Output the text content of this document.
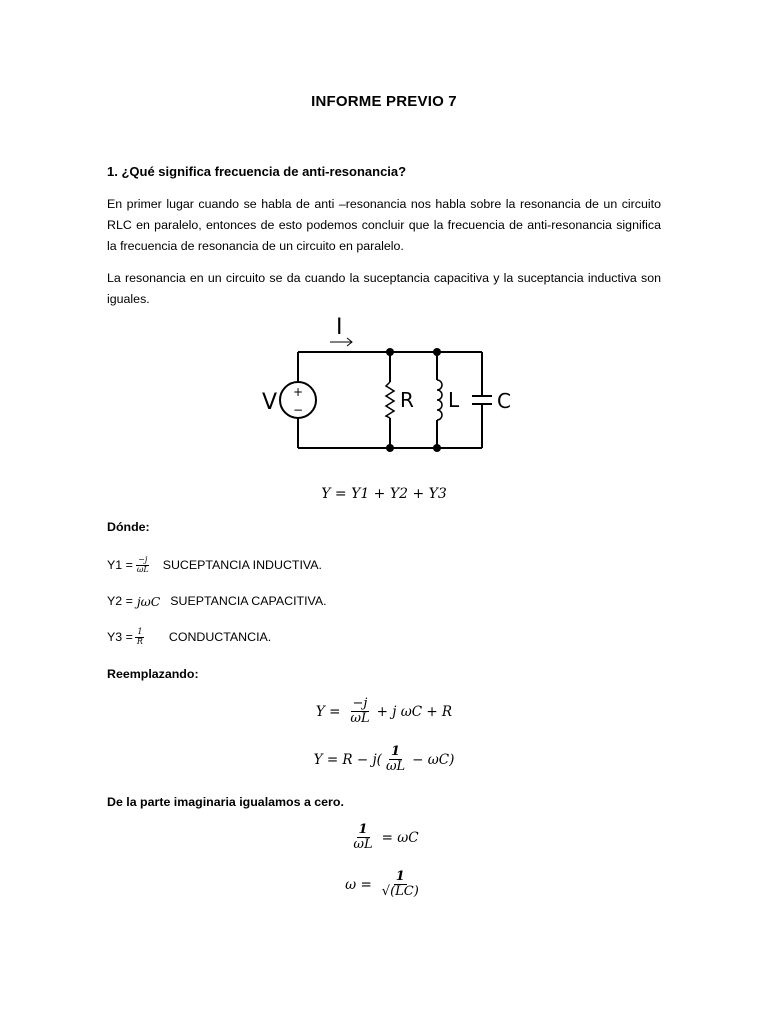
INFORME PREVIO 7
1. ¿Qué significa frecuencia de anti-resonancia?
En primer lugar cuando se habla de anti –resonancia nos habla sobre la resonancia de un circuito RLC en paralelo, entonces de esto podemos concluir que la frecuencia de anti-resonancia significa la frecuencia de resonancia de un circuito en paralelo.
La resonancia en un circuito se da cuando la suceptancia capacitiva y la suceptancia inductiva son iguales.
I
+
−
V	R L C
Y = Y1 + Y2 + Y3
Dónde:
$Y1 = \frac{-j}{\omega L}$ SUCEPTANCIA INDUCTIVA.
Y2 = jωC SUEPTANCIA CAPACITIVA.
$Y3 = \frac{1}{R}$ CONDUCTANCIA.
Reemplazando:
$Y = \frac{-j}{\omega L} + j$ ωC + R
$Y = R - j( \frac{1}{\omega L} - \omega C)$
De la parte imaginaria igualamos a cero.
$\frac{1}{\omega L} = \omega C$
$\omega = \frac{1}{√(LC)}$
